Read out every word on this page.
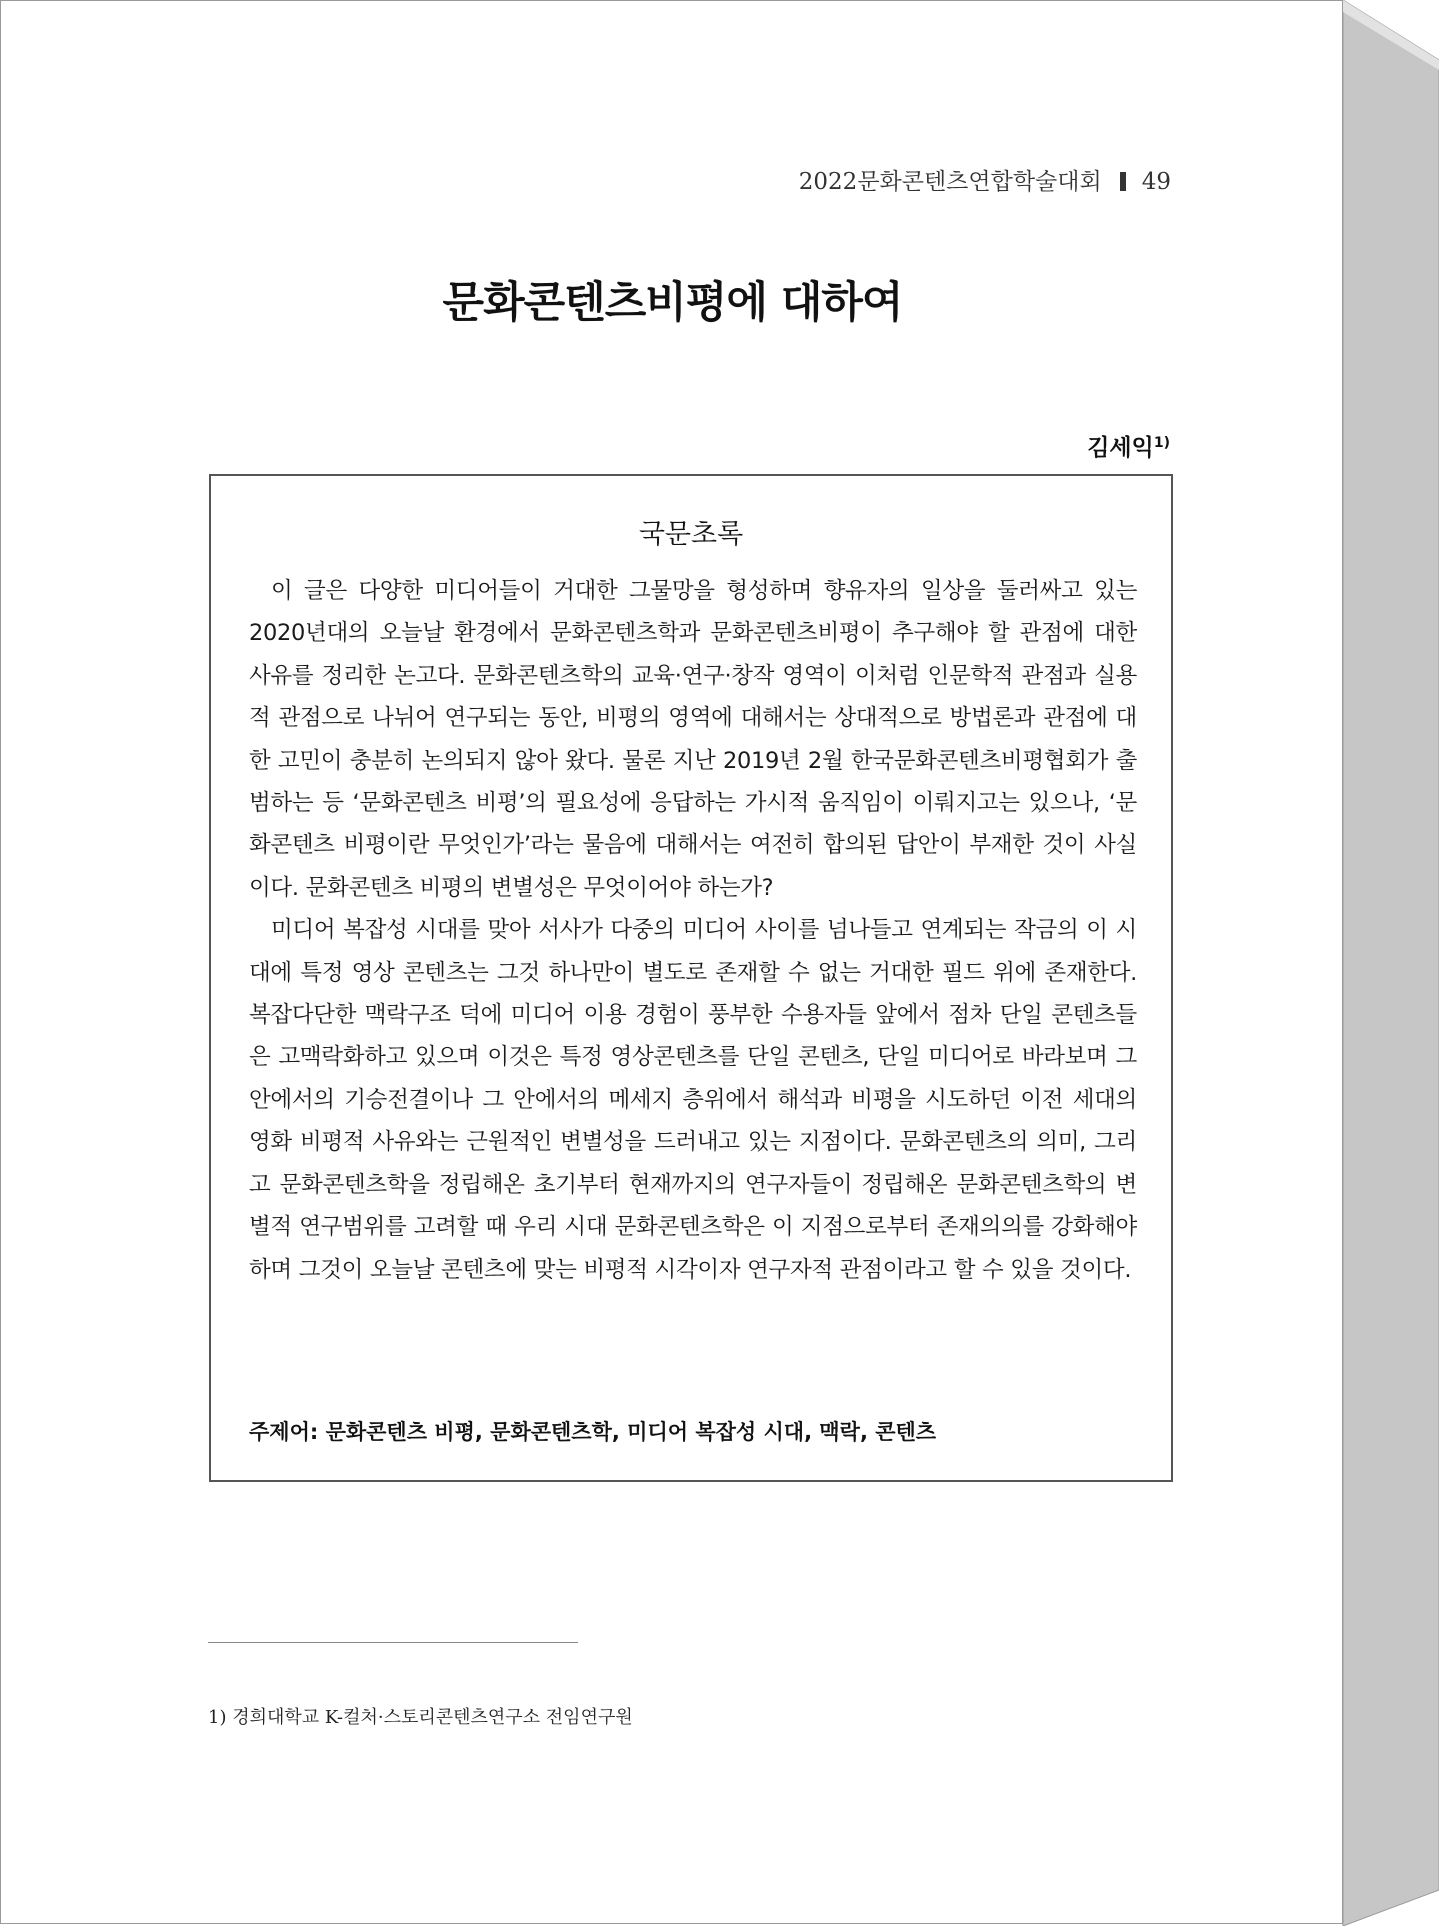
2022문화콘텐츠연합학술대회 49
문화콘텐츠비평에 대하여
김세익$^{1)}$
국문초록

이 글은 다양한 미디어들이 거대한 그물망을 형성하며 향유자의 일상을 둘러싸고 있는 2020년대의 오늘날 환경에서 문화콘텐츠학과 문화콘텐츠비평이 추구해야 할 관점에 대한 사유를 정리한 논고다. 문화콘텐츠학의 교육·연구·창작 영역이 이처럼 인문학적 관점과 실용적 관점으로 나뉘어 연구되는 동안, 비평의 영역에 대해서는 상대적으로 방법론과 관점에 대한 고민이 충분히 논의되지 않아 왔다. 물론 지난 2019년 2월 한국문화콘텐츠비평협회가 출범하는 등 ‘문화콘텐츠 비평’의 필요성에 응답하는 가시적 움직임이 이뤄지고는 있으나, ‘문화콘텐츠 비평이란 무엇인가’라는 물음에 대해서는 여전히 합의된 답안이 부재한 것이 사실이다. 문화콘텐츠 비평의 변별성은 무엇이어야 하는가?

미디어 복잡성 시대를 맞아 서사가 다중의 미디어 사이를 넘나들고 연계되는 작금의 이 시대에 특정 영상 콘텐츠는 그것 하나만이 별도로 존재할 수 없는 거대한 필드 위에 존재한다. 복잡다단한 맥락구조 덕에 미디어 이용 경험이 풍부한 수용자들 앞에서 점차 단일 콘텐츠들은 고맥락화하고 있으며 이것은 특정 영상콘텐츠를 단일 콘텐츠, 단일 미디어로 바라보며 그 안에서의 기승전결이나 그 안에서의 메세지 층위에서 해석과 비평을 시도하던 이전 세대의 영화 비평적 사유와는 근원적인 변별성을 드러내고 있는 지점이다. 문화콘텐츠의 의미, 그리고 문화콘텐츠학을 정립해온 초기부터 현재까지의 연구자들이 정립해온 문화콘텐츠학의 변별적 연구범위를 고려할 때 우리 시대 문화콘텐츠학은 이 지점으로부터 존재의의를 강화해야 하며 그것이 오늘날 콘텐츠에 맞는 비평적 시각이자 연구자적 관점이라고 할 수 있을 것이다.

주제어: 문화콘텐츠 비평, 문화콘텐츠학, 미디어 복잡성 시대, 맥락, 콘텐츠
1) 경희대학교 K-컬처·스토리콘텐츠연구소 전임연구원
